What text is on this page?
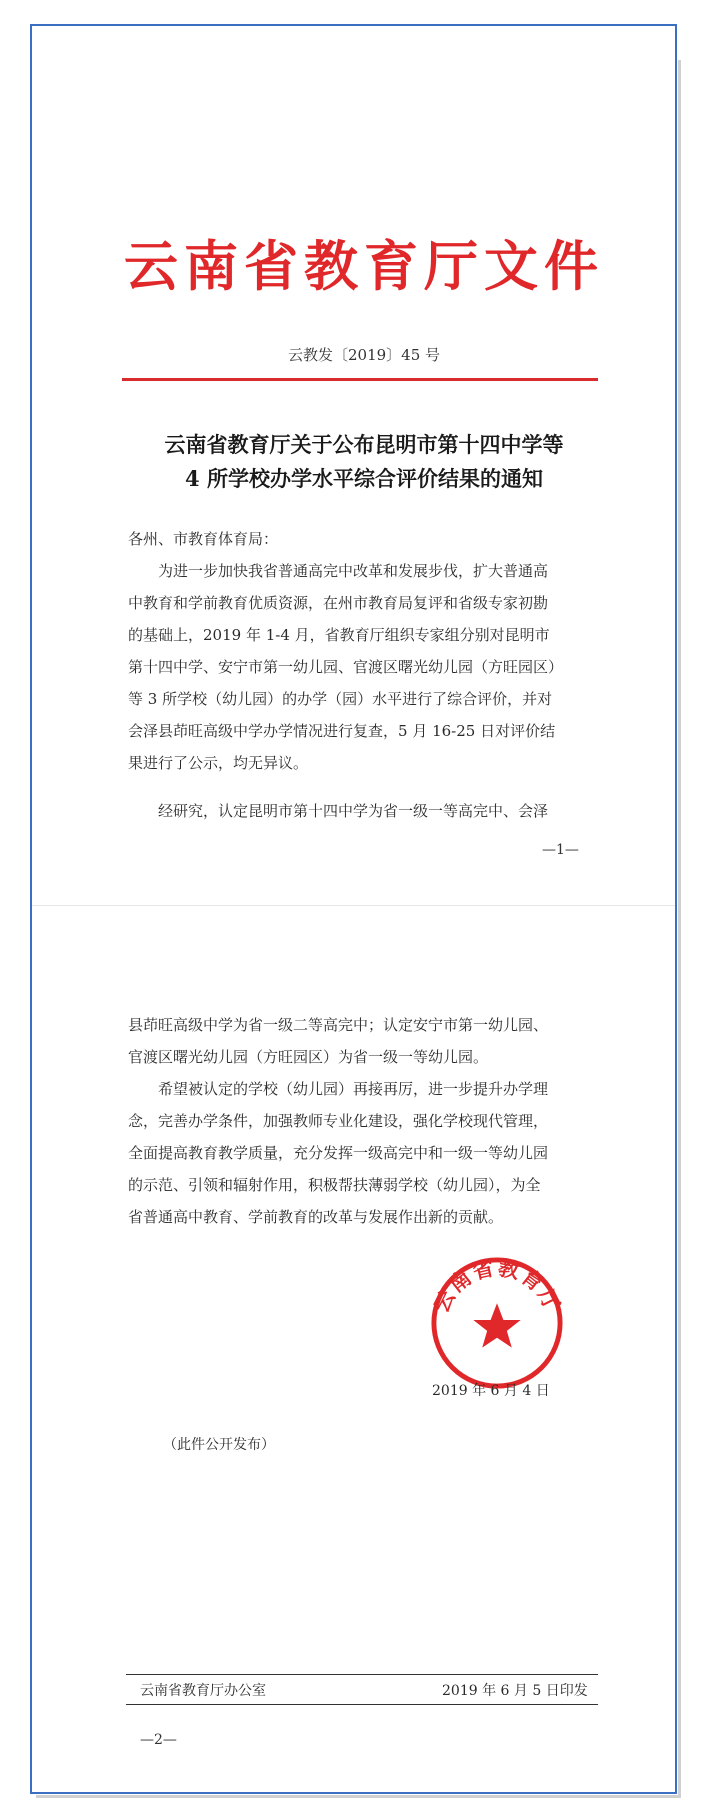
云南省教育厅文件
云教发〔2019〕45 号
云南省教育厅关于公布昆明市第十四中学等
4 所学校办学水平综合评价结果的通知
各州、市教育体育局：
为进一步加快我省普通高完中改革和发展步伐，扩大普通高
中教育和学前教育优质资源，在州市教育局复评和省级专家初勘
的基础上，2019 年 1-4 月，省教育厅组织专家组分别对昆明市
第十四中学、安宁市第一幼儿园、官渡区曙光幼儿园（方旺园区）
等 3 所学校（幼儿园）的办学（园）水平进行了综合评价，并对
会泽县茚旺高级中学办学情况进行复查，5 月 16-25 日对评价结
果进行了公示，均无异议。
经研究，认定昆明市第十四中学为省一级一等高完中、会泽
—1—
县茚旺高级中学为省一级二等高完中；认定安宁市第一幼儿园、
官渡区曙光幼儿园（方旺园区）为省一级一等幼儿园。
希望被认定的学校（幼儿园）再接再厉，进一步提升办学理
念，完善办学条件，加强教师专业化建设，强化学校现代管理，
全面提高教育教学质量，充分发挥一级高完中和一级一等幼儿园
的示范、引领和辐射作用，积极帮扶薄弱学校（幼儿园），为全
省普通高中教育、学前教育的改革与发展作出新的贡献。
云南省教育厅
2019 年 6 月 4 日
（此件公开发布）
云南省教育厅办公室	2019 年 6 月 5 日印发
—2—
